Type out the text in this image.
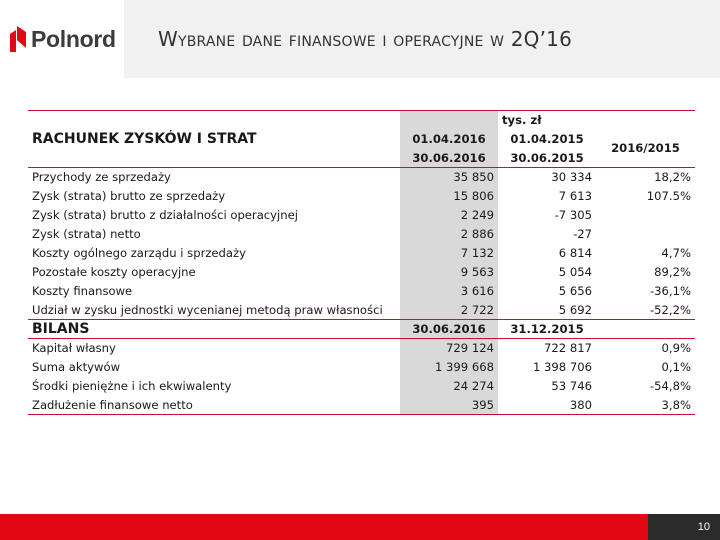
Polnord Wybrane dane finansowe i operacyjne w 2Q’16
		tys. zł	
RACHUNEK ZYSKÓW I STRAT	01.04.2016	01.04.2015	2016/2015
	30.06.2016	30.06.2015	
Przychody ze sprzedaży	35 850	30 334	18,2%
Zysk (strata) brutto ze sprzedaży	15 806	7 613	107.5%
Zysk (strata) brutto z działalności operacyjnej	2 249	-7 305	
Zysk (strata) netto	2 886	-27	
Koszty ogólnego zarządu i sprzedaży	7 132	6 814	4,7%
Pozostałe koszty operacyjne	9 563	5 054	89,2%
Koszty finansowe	3 616	5 656	-36,1%
Udział w zysku jednostki wycenianej metodą praw własności	2 722	5 692	-52,2%
BILANS	30.06.2016	31.12.2015	
Kapitał własny	729 124	722 817	0,9%
Suma aktywów	1 399 668	1 398 706	0,1%
Środki pieniężne i ich ekwiwalenty	24 274	53 746	-54,8%
Zadłużenie finansowe netto	395	380	3,8%
10
